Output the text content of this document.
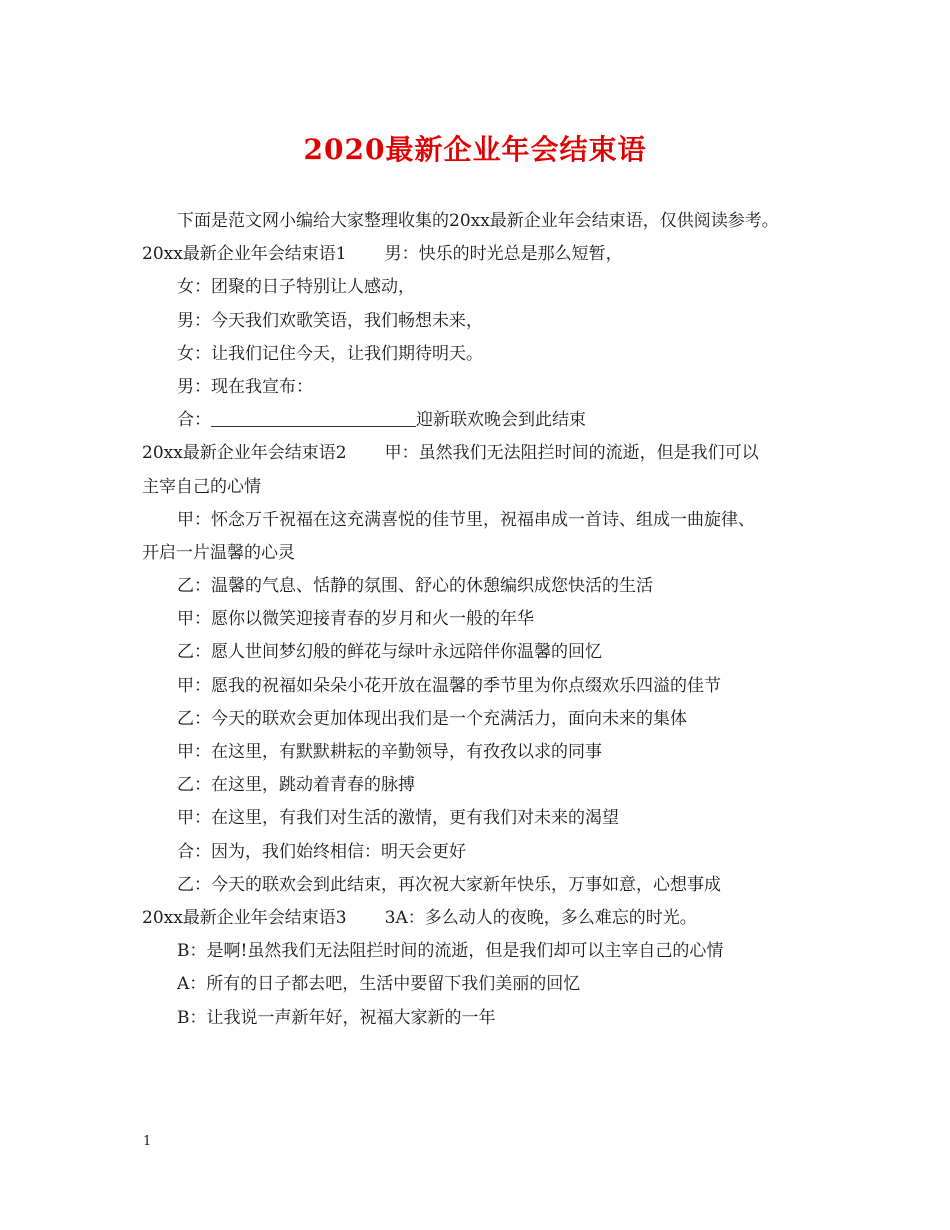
2020最新企业年会结束语
下面是范文网小编给大家整理收集的20xx最新企业年会结束语，仅供阅读参考。
20xx最新企业年会结束语1 男：快乐的时光总是那么短暂，
女：团聚的日子特别让人感动，
男：今天我们欢歌笑语，我们畅想未来，
女：让我们记住今天，让我们期待明天。
男：现在我宣布：
合：	迎新联欢晚会到此结束
20xx最新企业年会结束语2 甲：虽然我们无法阻拦时间的流逝，但是我们可以
主宰自己的心情
甲：怀念万千祝福在这充满喜悦的佳节里，祝福串成一首诗、组成一曲旋律、
开启一片温馨的心灵
乙：温馨的气息、恬静的氛围、舒心的休憩编织成您快活的生活
甲：愿你以微笑迎接青春的岁月和火一般的年华
乙：愿人世间梦幻般的鲜花与绿叶永远陪伴你温馨的回忆
甲：愿我的祝福如朵朵小花开放在温馨的季节里为你点缀欢乐四溢的佳节
乙：今天的联欢会更加体现出我们是一个充满活力，面向未来的集体
甲：在这里，有默默耕耘的辛勤领导，有孜孜以求的同事
乙：在这里，跳动着青春的脉搏
甲：在这里，有我们对生活的激情，更有我们对未来的渴望
合：因为，我们始终相信：明天会更好
乙：今天的联欢会到此结束，再次祝大家新年快乐，万事如意，心想事成
20xx最新企业年会结束语3 3A：多么动人的夜晚，多么难忘的时光。
B：是啊!虽然我们无法阻拦时间的流逝，但是我们却可以主宰自己的心情
A：所有的日子都去吧，生活中要留下我们美丽的回忆
B：让我说一声新年好，祝福大家新的一年
1
